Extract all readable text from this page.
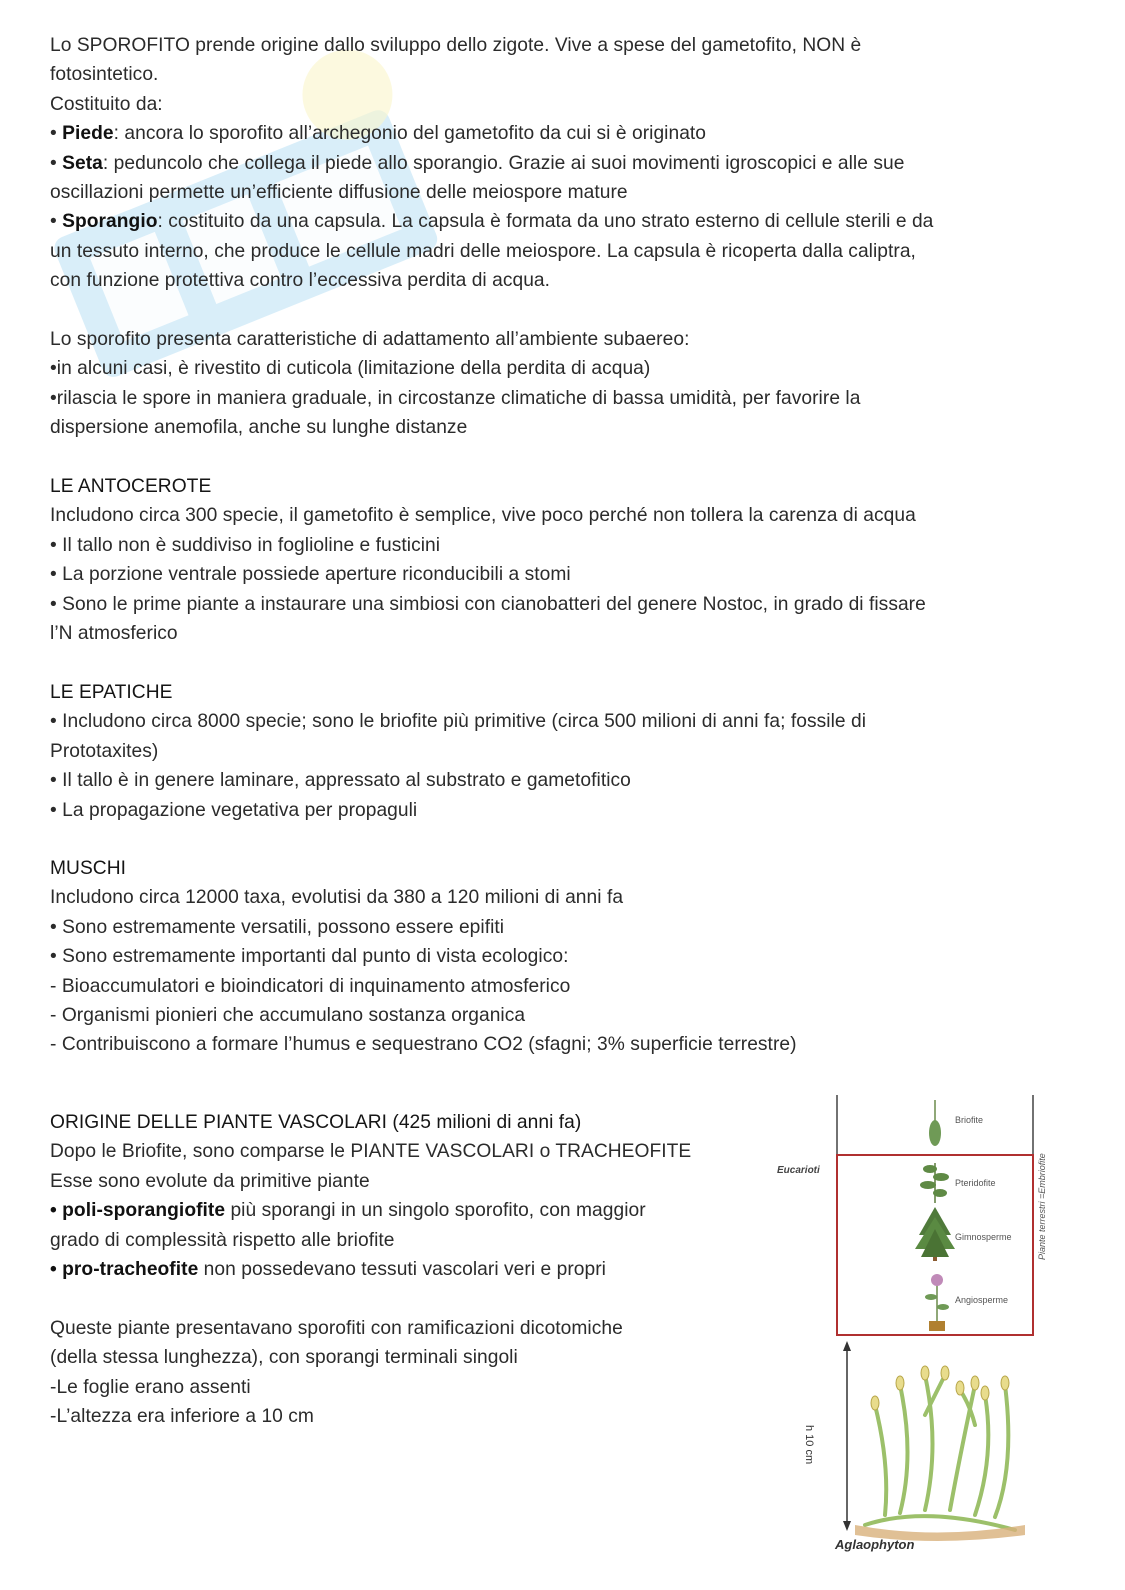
Lo SPOROFITO prende origine dallo sviluppo dello zigote. Vive a spese del gametofito, NON è

fotosintetico.

Costituito da:

• Piede: ancora lo sporofito all’archegonio del gametofito da cui si è originato

• Seta: peduncolo che collega il piede allo sporangio. Grazie ai suoi movimenti igroscopici e alle sue

oscillazioni permette un’efficiente diffusione delle meiospore mature

• Sporangio: costituito da una capsula. La capsula è formata da uno strato esterno di cellule sterili e da

un tessuto interno, che produce le cellule madri delle meiospore. La capsula è ricoperta dalla caliptra,

con funzione protettiva contro l’eccessiva perdita di acqua.

Lo sporofito presenta caratteristiche di adattamento all’ambiente subaereo:

•in alcuni casi, è rivestito di cuticola (limitazione della perdita di acqua)

•rilascia le spore in maniera graduale, in circostanze climatiche di bassa umidità, per favorire la

dispersione anemofila, anche su lunghe distanze

LE ANTOCEROTE

Includono circa 300 specie, il gametofito è semplice, vive poco perché non tollera la carenza di acqua

• Il tallo non è suddiviso in foglioline e fusticini

• La porzione ventrale possiede aperture riconducibili a stomi

• Sono le prime piante a instaurare una simbiosi con cianobatteri del genere Nostoc, in grado di fissare

l’N atmosferico

LE EPATICHE

• Includono circa 8000 specie; sono le briofite più primitive (circa 500 milioni di anni fa; fossile di

Prototaxites)

• Il tallo è in genere laminare, appressato al substrato e gametofitico

• La propagazione vegetativa per propaguli

MUSCHI

Includono circa 12000 taxa, evolutisi da 380 a 120 milioni di anni fa

• Sono estremamente versatili, possono essere epifiti

• Sono estremamente importanti dal punto di vista ecologico:

- Bioaccumulatori e bioindicatori di inquinamento atmosferico

- Organismi pionieri che accumulano sostanza organica

- Contribuiscono a formare l’humus e sequestrano CO2 (sfagni; 3% superficie terrestre)

ORIGINE DELLE PIANTE VASCOLARI (425 milioni di anni fa)

Dopo le Briofite, sono comparse le PIANTE VASCOLARI o TRACHEOFITE

Esse sono evolute da primitive piante

• poli-sporangiofite più sporangi in un singolo sporofito, con maggior

grado di complessità rispetto alle briofite

• pro-tracheofite non possedevano tessuti vascolari veri e propri

Queste piante presentavano sporofiti con ramificazioni dicotomiche

(della stessa lunghezza), con sporangi terminali singoli

-Le foglie erano assenti

-L’altezza era inferiore a 10 cm

Eucarioti
Briofite
Pteridofite
Gimnosperme
Angiosperme
Piante terrestri =Embriofite
h 10 cm
Aglaophyton
